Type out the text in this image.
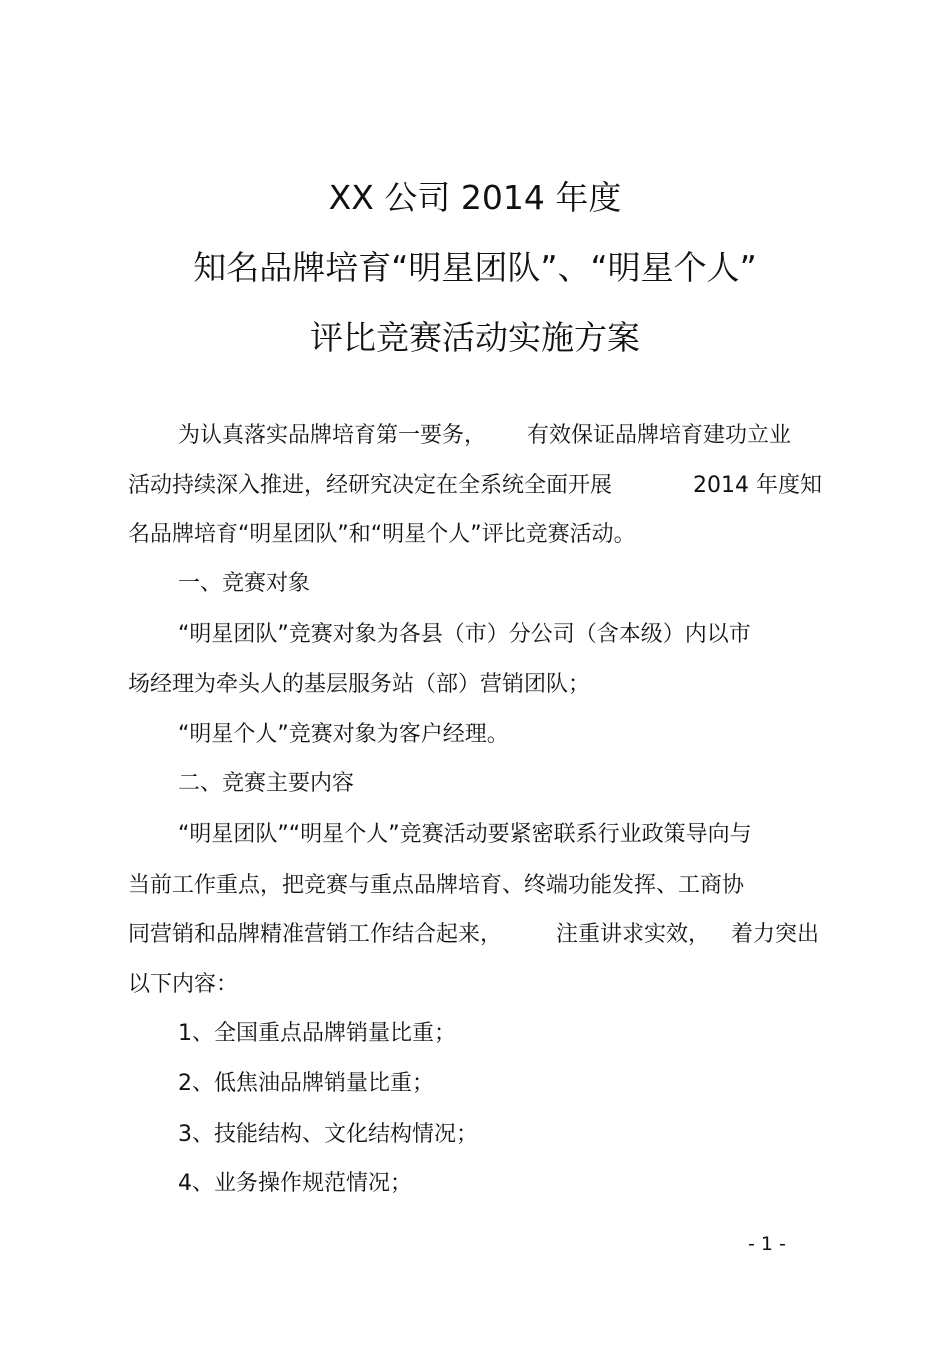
XX 公司 2014 年度
知名品牌培育“明星团队”、“明星个人”
评比竞赛活动实施方案
为认真落实品牌培育第一要务， 有效保证品牌培育建功立业
活动持续深入推进，经研究决定在全系统全面开展	2014 年度知
名品牌培育“明星团队”和“明星个人”评比竞赛活动。
一、竞赛对象
“明星团队”竞赛对象为各县（市）分公司（含本级）内以市
场经理为牵头人的基层服务站（部）营销团队；
“明星个人”竞赛对象为客户经理。
二、竞赛主要内容
“明星团队”“明星个人”竞赛活动要紧密联系行业政策导向与
当前工作重点，把竞赛与重点品牌培育、终端功能发挥、工商协
同营销和品牌精准营销工作结合起来， 注重讲求实效， 着力突出
以下内容：
1、全国重点品牌销量比重；
2、低焦油品牌销量比重；
3、技能结构、文化结构情况；
4、业务操作规范情况；
- 1 -
